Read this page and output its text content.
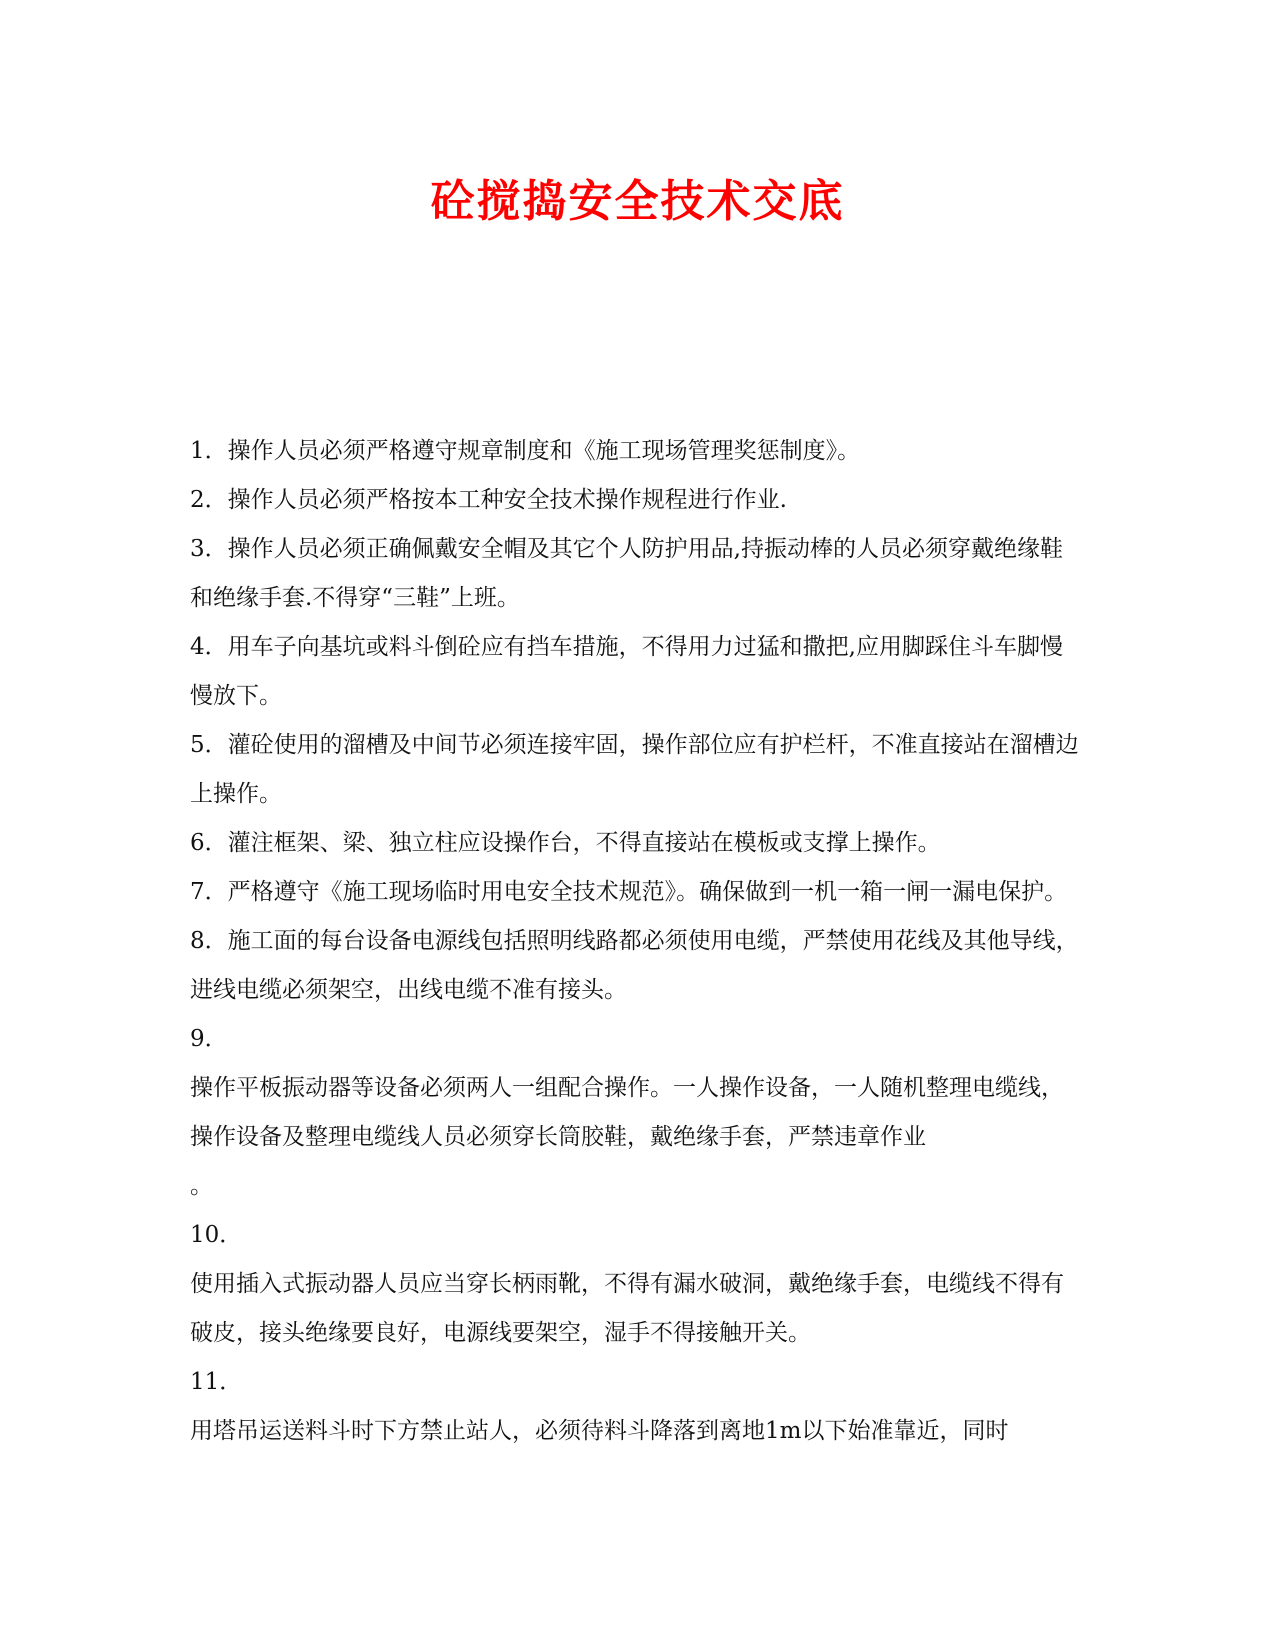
砼搅捣安全技术交底

1．操作人员必须严格遵守规章制度和《施工现场管理奖惩制度》。

2．操作人员必须严格按本工种安全技术操作规程进行作业.

3．操作人员必须正确佩戴安全帽及其它个人防护用品,持振动棒的人员必须穿戴绝缘鞋和绝缘手套.不得穿“三鞋”上班。

4．用车子向基坑或料斗倒砼应有挡车措施，不得用力过猛和撒把,应用脚踩住斗车脚慢慢放下。

5．灌砼使用的溜槽及中间节必须连接牢固，操作部位应有护栏杆，不准直接站在溜槽边上操作。

6．灌注框架、梁、独立柱应设操作台，不得直接站在模板或支撑上操作。

7．严格遵守《施工现场临时用电安全技术规范》。确保做到一机一箱一闸一漏电保护。

8．施工面的每台设备电源线包括照明线路都必须使用电缆，严禁使用花线及其他导线，进线电缆必须架空，出线电缆不准有接头。

9．

操作平板振动器等设备必须两人一组配合操作。一人操作设备，一人随机整理电缆线，操作设备及整理电缆线人员必须穿长筒胶鞋，戴绝缘手套，严禁违章作业

。

10．

使用插入式振动器人员应当穿长柄雨靴，不得有漏水破洞，戴绝缘手套，电缆线不得有破皮，接头绝缘要良好，电源线要架空，湿手不得接触开关。

11．

用塔吊运送料斗时下方禁止站人，必须待料斗降落到离地1m以下始准靠近，同时
